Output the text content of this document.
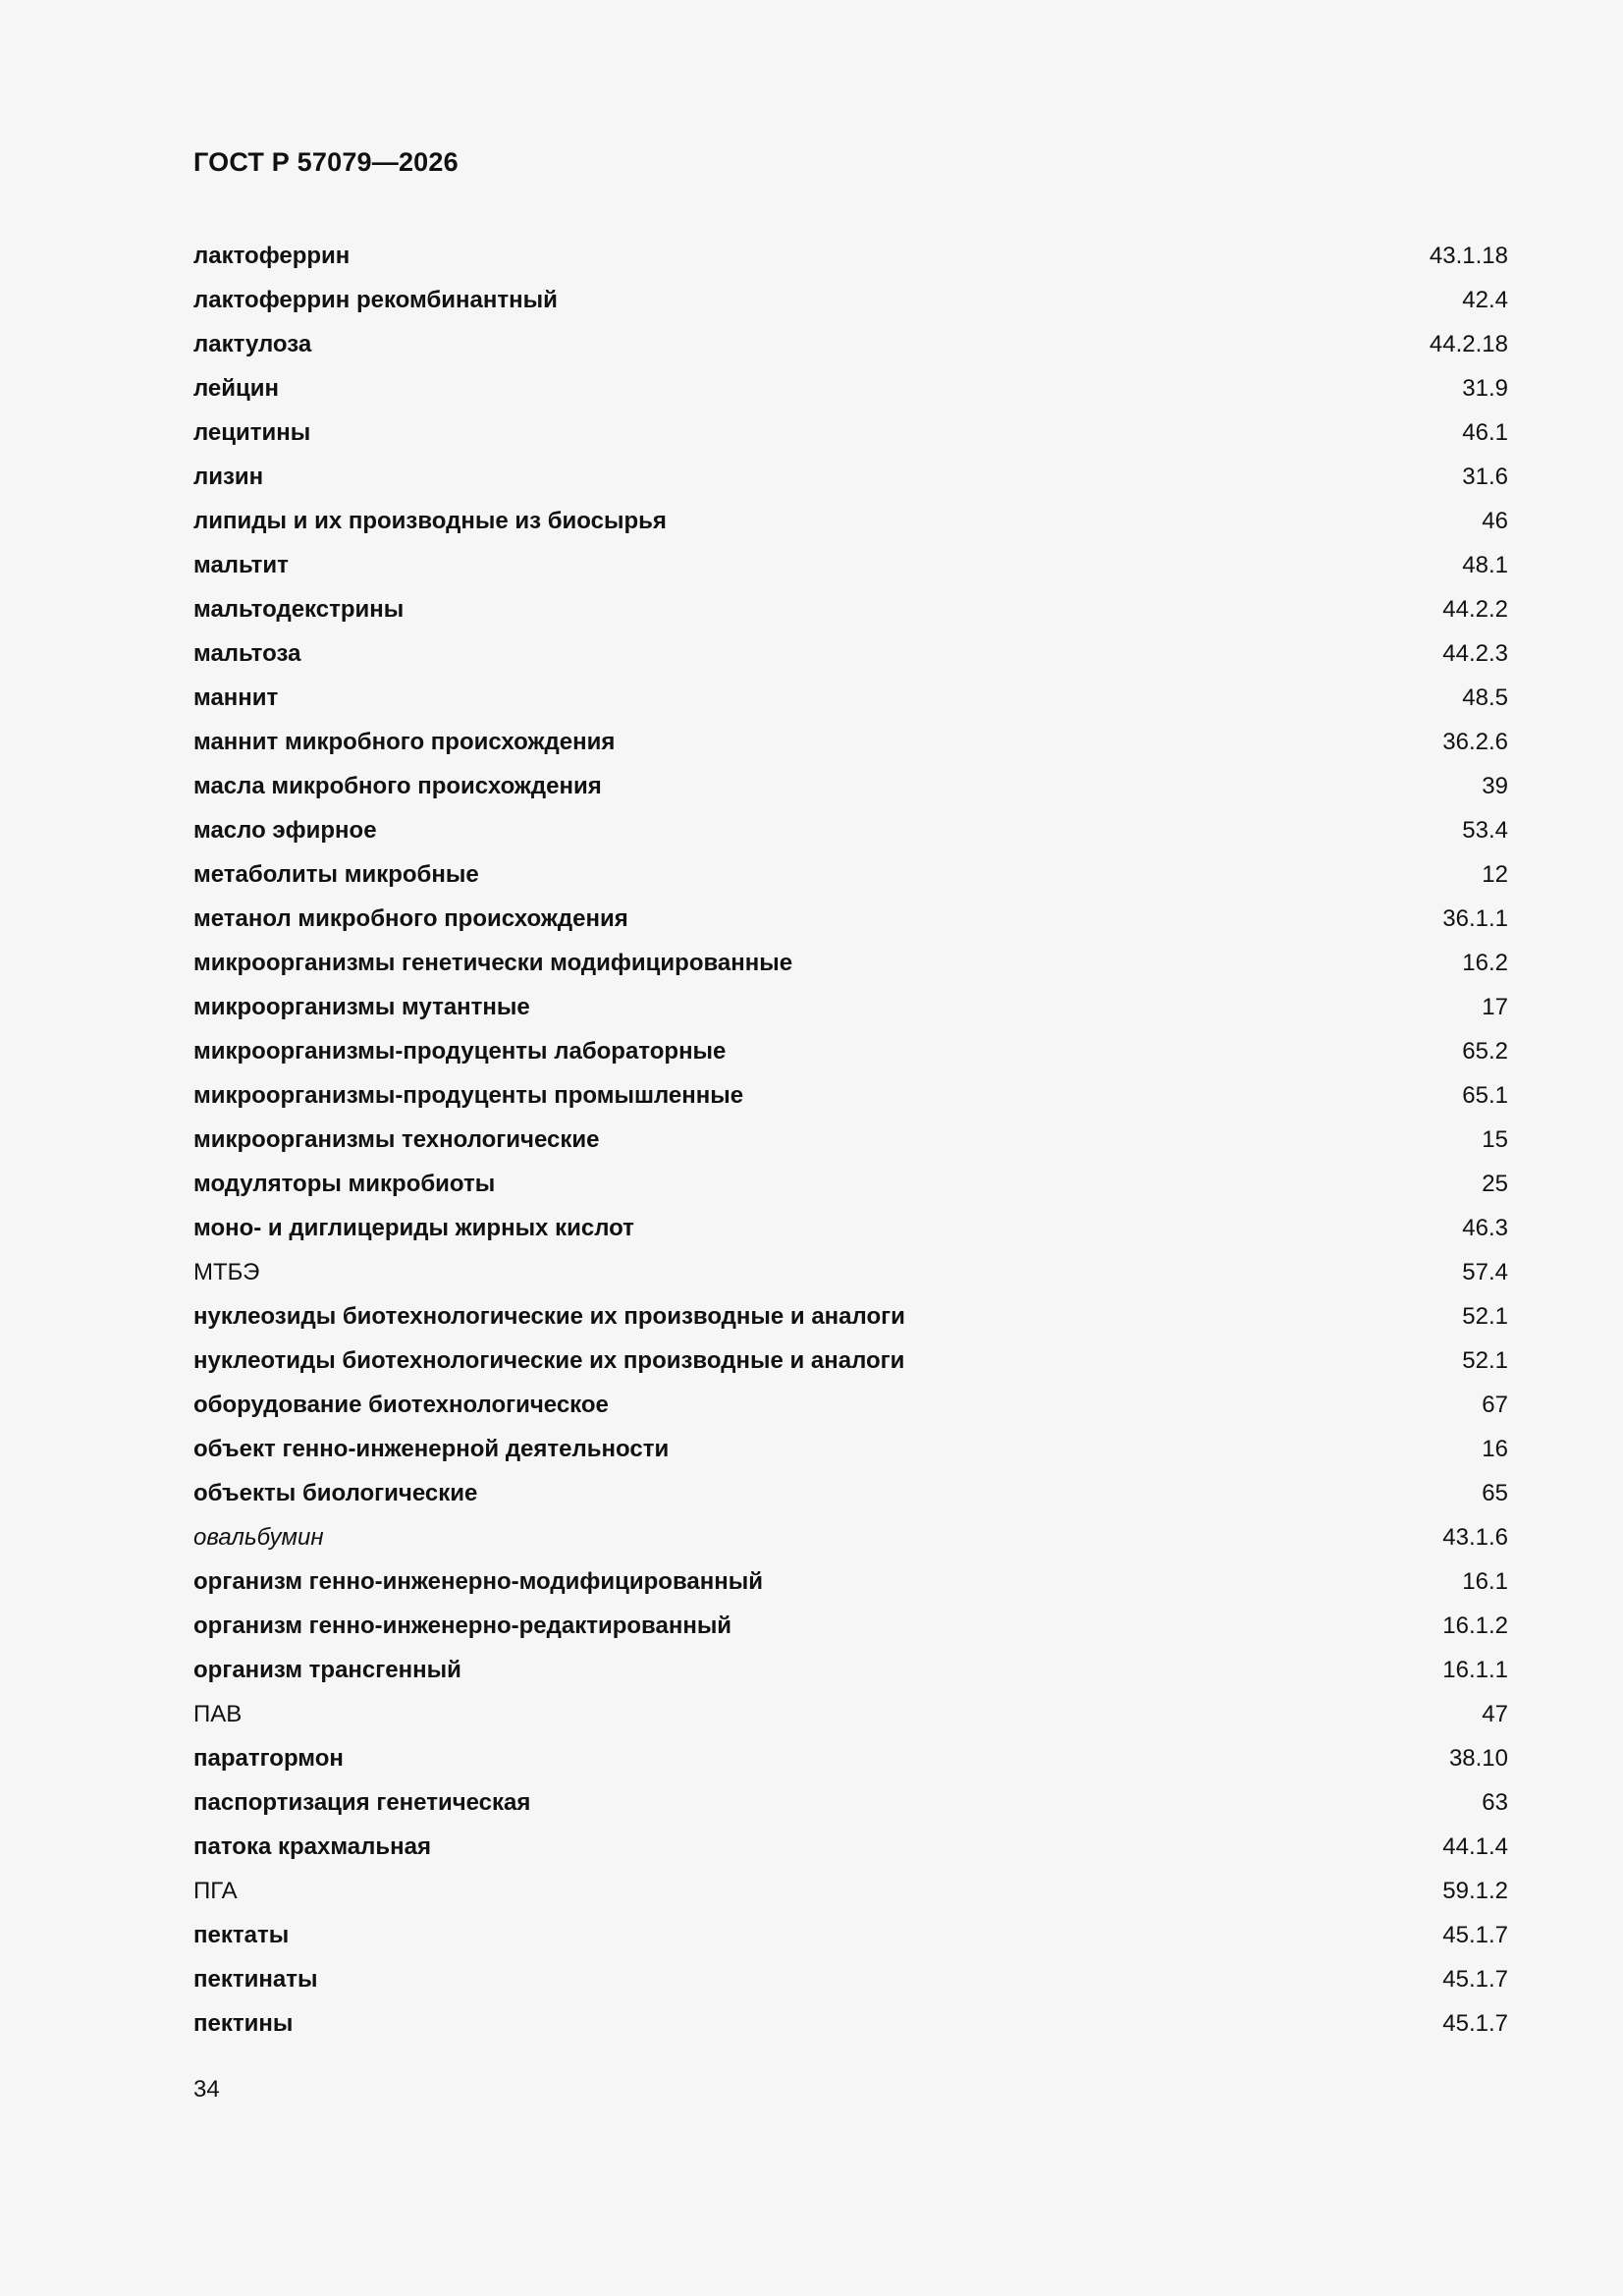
ГОСТ Р 57079—2026
лактоферрин	43.1.18
лактоферрин рекомбинантный	42.4
лактулоза	44.2.18
лейцин	31.9
лецитины	46.1
лизин	31.6
липиды и их производные из биосырья	46
мальтит	48.1
мальтодекстрины	44.2.2
мальтоза	44.2.3
маннит	48.5
маннит микробного происхождения	36.2.6
масла микробного происхождения	39
масло эфирное	53.4
метаболиты микробные	12
метанол микробного происхождения	36.1.1
микроорганизмы генетически модифицированные	16.2
микроорганизмы мутантные	17
микроорганизмы-продуценты лабораторные	65.2
микроорганизмы-продуценты промышленные	65.1
микроорганизмы технологические	15
модуляторы микробиоты	25
моно- и диглицериды жирных кислот	46.3
МТБЭ	57.4
нуклеозиды биотехнологические их производные и аналоги	52.1
нуклеотиды биотехнологические их производные и аналоги	52.1
оборудование биотехнологическое	67
объект генно-инженерной деятельности	16
объекты биологические	65
овальбумин	43.1.6
организм генно-инженерно-модифицированный	16.1
организм генно-инженерно-редактированный	16.1.2
организм трансгенный	16.1.1
ПАВ	47
паратгормон	38.10
паспортизация генетическая	63
патока крахмальная	44.1.4
ПГА	59.1.2
пектаты	45.1.7
пектинаты	45.1.7
пектины	45.1.7
34
